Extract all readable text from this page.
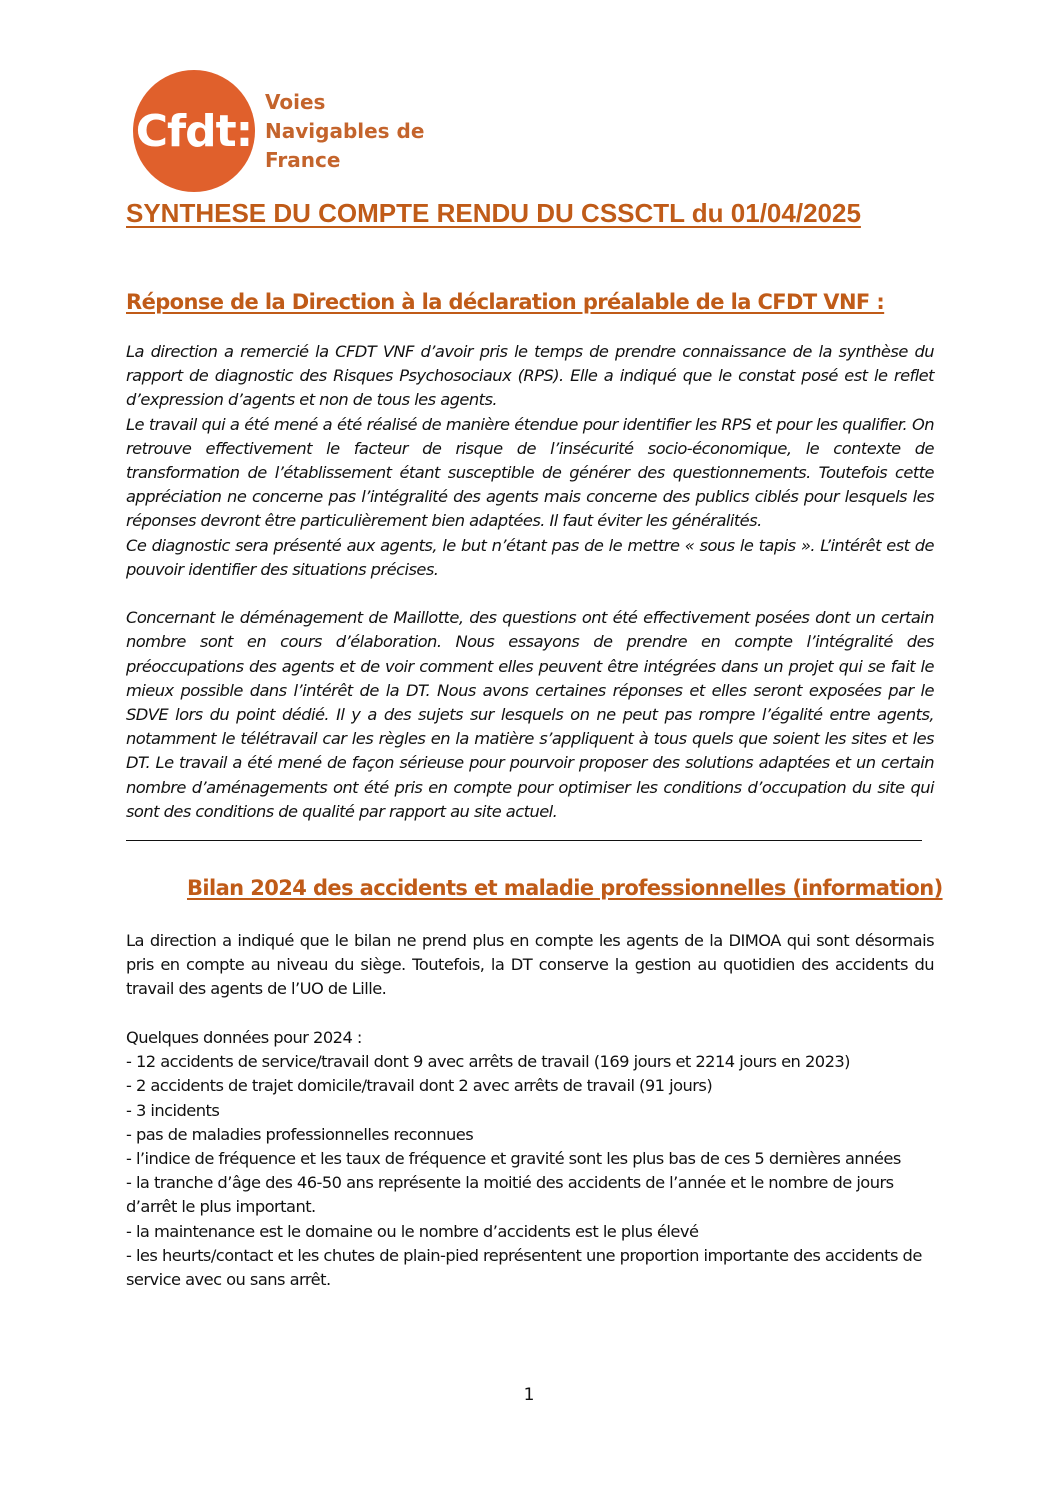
Cfdt:
Voies
Navigables de
France
SYNTHESE DU COMPTE RENDU DU CSSCTL du 01/04/2025
Réponse de la Direction à la déclaration préalable de la CFDT VNF :

La direction a remercié la CFDT VNF d’avoir pris le temps de prendre connaissance de la synthèse du rapport de diagnostic des Risques Psychosociaux (RPS). Elle a indiqué que le constat posé est le reflet d’expression d’agents et non de tous les agents.

Le travail qui a été mené a été réalisé de manière étendue pour identifier les RPS et pour les qualifier. On retrouve effectivement le facteur de risque de l’insécurité socio-économique, le contexte de transformation de l’établissement étant susceptible de générer des questionnements. Toutefois cette appréciation ne concerne pas l’intégralité des agents mais concerne des publics ciblés pour lesquels les réponses devront être particulièrement bien adaptées. Il faut éviter les généralités.

Ce diagnostic sera présenté aux agents, le but n’étant pas de le mettre « sous le tapis ». L’intérêt est de pouvoir identifier des situations précises.

Concernant le déménagement de Maillotte, des questions ont été effectivement posées dont un certain nombre sont en cours d’élaboration. Nous essayons de prendre en compte l’intégralité des préoccupations des agents et de voir comment elles peuvent être intégrées dans un projet qui se fait le mieux possible dans l’intérêt de la DT. Nous avons certaines réponses et elles seront exposées par le SDVE lors du point dédié. Il y a des sujets sur lesquels on ne peut pas rompre l’égalité entre agents, notamment le télétravail car les règles en la matière s’appliquent à tous quels que soient les sites et les DT. Le travail a été mené de façon sérieuse pour pourvoir proposer des solutions adaptées et un certain nombre d’aménagements ont été pris en compte pour optimiser les conditions d’occupation du site qui sont des conditions de qualité par rapport au site actuel.

Bilan 2024 des accidents et maladie professionnelles (information)

La direction a indiqué que le bilan ne prend plus en compte les agents de la DIMOA qui sont désormais pris en compte au niveau du siège. Toutefois, la DT conserve la gestion au quotidien des accidents du travail des agents de l’UO de Lille.

Quelques données pour 2024 :

- 12 accidents de service/travail dont 9 avec arrêts de travail (169 jours et 2214 jours en 2023)

- 2 accidents de trajet domicile/travail dont 2 avec arrêts de travail (91 jours)

- 3 incidents

- pas de maladies professionnelles reconnues

- l’indice de fréquence et les taux de fréquence et gravité sont les plus bas de ces 5 dernières années

- la tranche d’âge des 46-50 ans représente la moitié des accidents de l’année et le nombre de jours d’arrêt le plus important.

- la maintenance est le domaine ou le nombre d’accidents est le plus élevé

- les heurts/contact et les chutes de plain-pied représentent une proportion importante des accidents de service avec ou sans arrêt.

1
